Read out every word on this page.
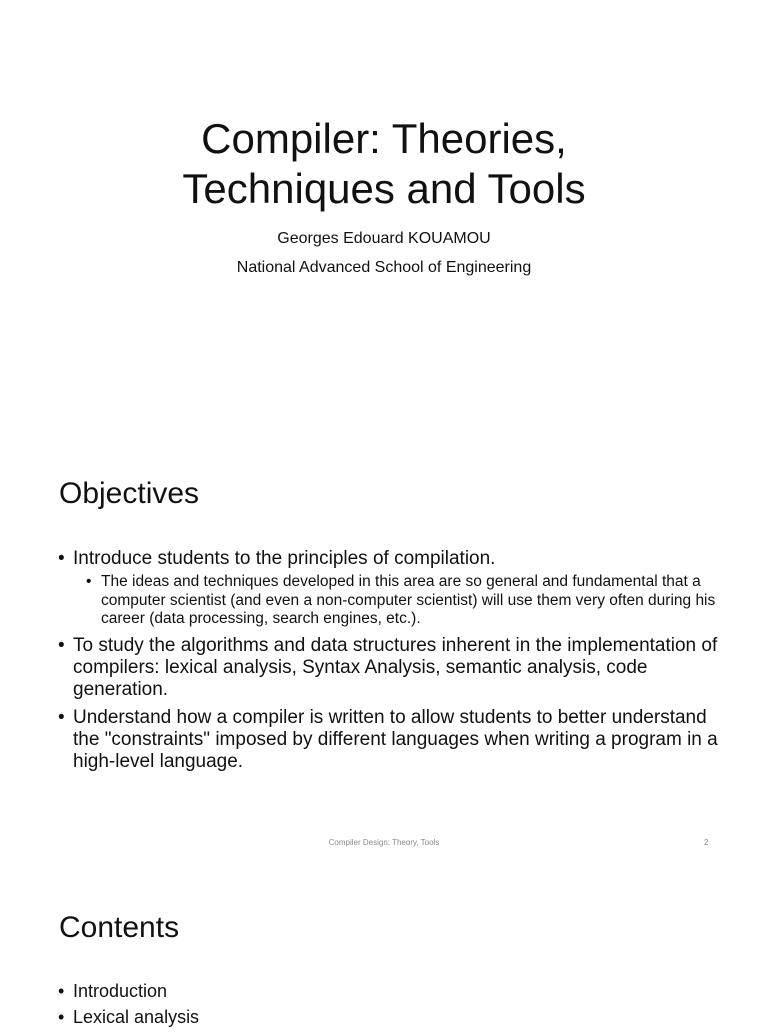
Compiler: Theories,
Techniques and Tools
Georges Edouard KOUAMOU
National Advanced School of Engineering
Objectives
• Introduce students to the principles of compilation.
• The ideas and techniques developed in this area are so general and fundamental that a computer scientist (and even a non-computer scientist) will use them very often during his career (data processing, search engines, etc.).
• To study the algorithms and data structures inherent in the implementation of compilers: lexical analysis, Syntax Analysis, semantic analysis, code generation.
• Understand how a compiler is written to allow students to better understand the "constraints" imposed by different languages when writing a program in a high-level language.
Compiler Design: Theory, Tools	2
Contents
• Introduction
• Lexical analysis
